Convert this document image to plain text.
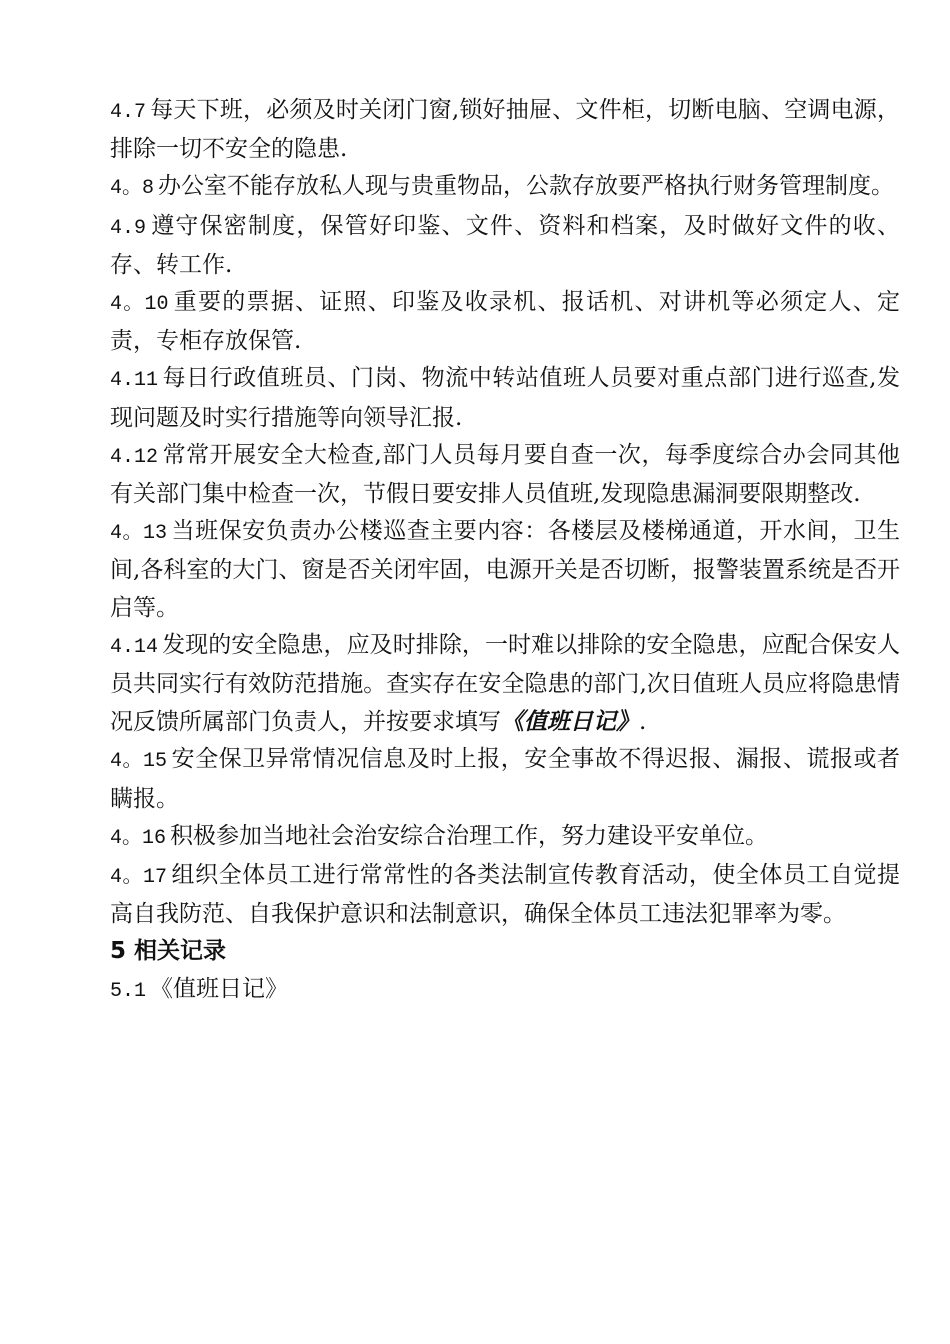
4.7 每天下班，必须及时关闭门窗,锁好抽屉、文件柜，切断电脑、空调电源，排除一切不安全的隐患.

4。8 办公室不能存放私人现与贵重物品，公款存放要严格执行财务管理制度。

4.9 遵守保密制度，保管好印鉴、文件、资料和档案，及时做好文件的收、存、转工作.

4。10 重要的票据、证照、印鉴及收录机、报话机、对讲机等必须定人、定责，专柜存放保管.

4.11 每日行政值班员、门岗、物流中转站值班人员要对重点部门进行巡查,发现问题及时实行措施等向领导汇报.

4.12 常常开展安全大检查,部门人员每月要自查一次，每季度综合办会同其他有关部门集中检查一次，节假日要安排人员值班,发现隐患漏洞要限期整改.

4。13 当班保安负责办公楼巡查主要内容：各楼层及楼梯通道，开水间，卫生间,各科室的大门、窗是否关闭牢固，电源开关是否切断，报警装置系统是否开启等。

4.14 发现的安全隐患，应及时排除，一时难以排除的安全隐患，应配合保安人员共同实行有效防范措施。查实存在安全隐患的部门,次日值班人员应将隐患情况反馈所属部门负责人，并按要求填写《值班日记》.

4。15 安全保卫异常情况信息及时上报，安全事故不得迟报、漏报、谎报或者瞒报。

4。16 积极参加当地社会治安综合治理工作，努力建设平安单位。

4。17 组织全体员工进行常常性的各类法制宣传教育活动，使全体员工自觉提高自我防范、自我保护意识和法制意识，确保全体员工违法犯罪率为零。

5 相关记录

5.1 《值班日记》
